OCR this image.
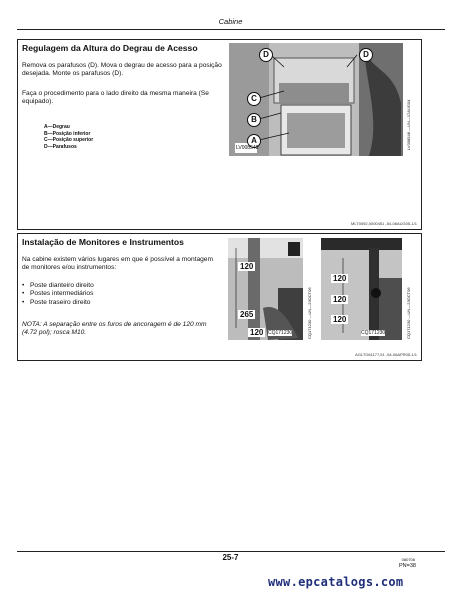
Cabine
Regulagem da Altura do Degrau de Acesso
Remova os parafusos (D). Mova o degrau de acesso para a posição desejada. Monte os parafusos (D).
Faça o procedimento para o lado direito da mesma maneira (Se equipado).
A—Degrau
B—Posição inferior
C—Posição superior
D—Parafusos
D	D
C
B
A
LV008548	LV008548 —UN—17AUG04
MLT0092,0000451 -54-06AUG05-1/1
Instalação de Monitores e Instrumentos
Na cabine existem vários lugares em que é possível a montagem de monitores e/ou instrumentos:
• Poste dianteiro direito
• Postes intermediários
• Poste traseiro direito
NOTA: A separação entre os furos de ancoragem é de 120 mm (4.72 pol); rosca M10.
120
265
120 CQ171230	CQ171230 —UN—23OCT06
120
120
120
CQ171230	CQ171230 —UN—23OCT06
AGLTO61177,51 -54-06APR05-1/1
25-7	080706
PN=38
www.epcatalogs.com
